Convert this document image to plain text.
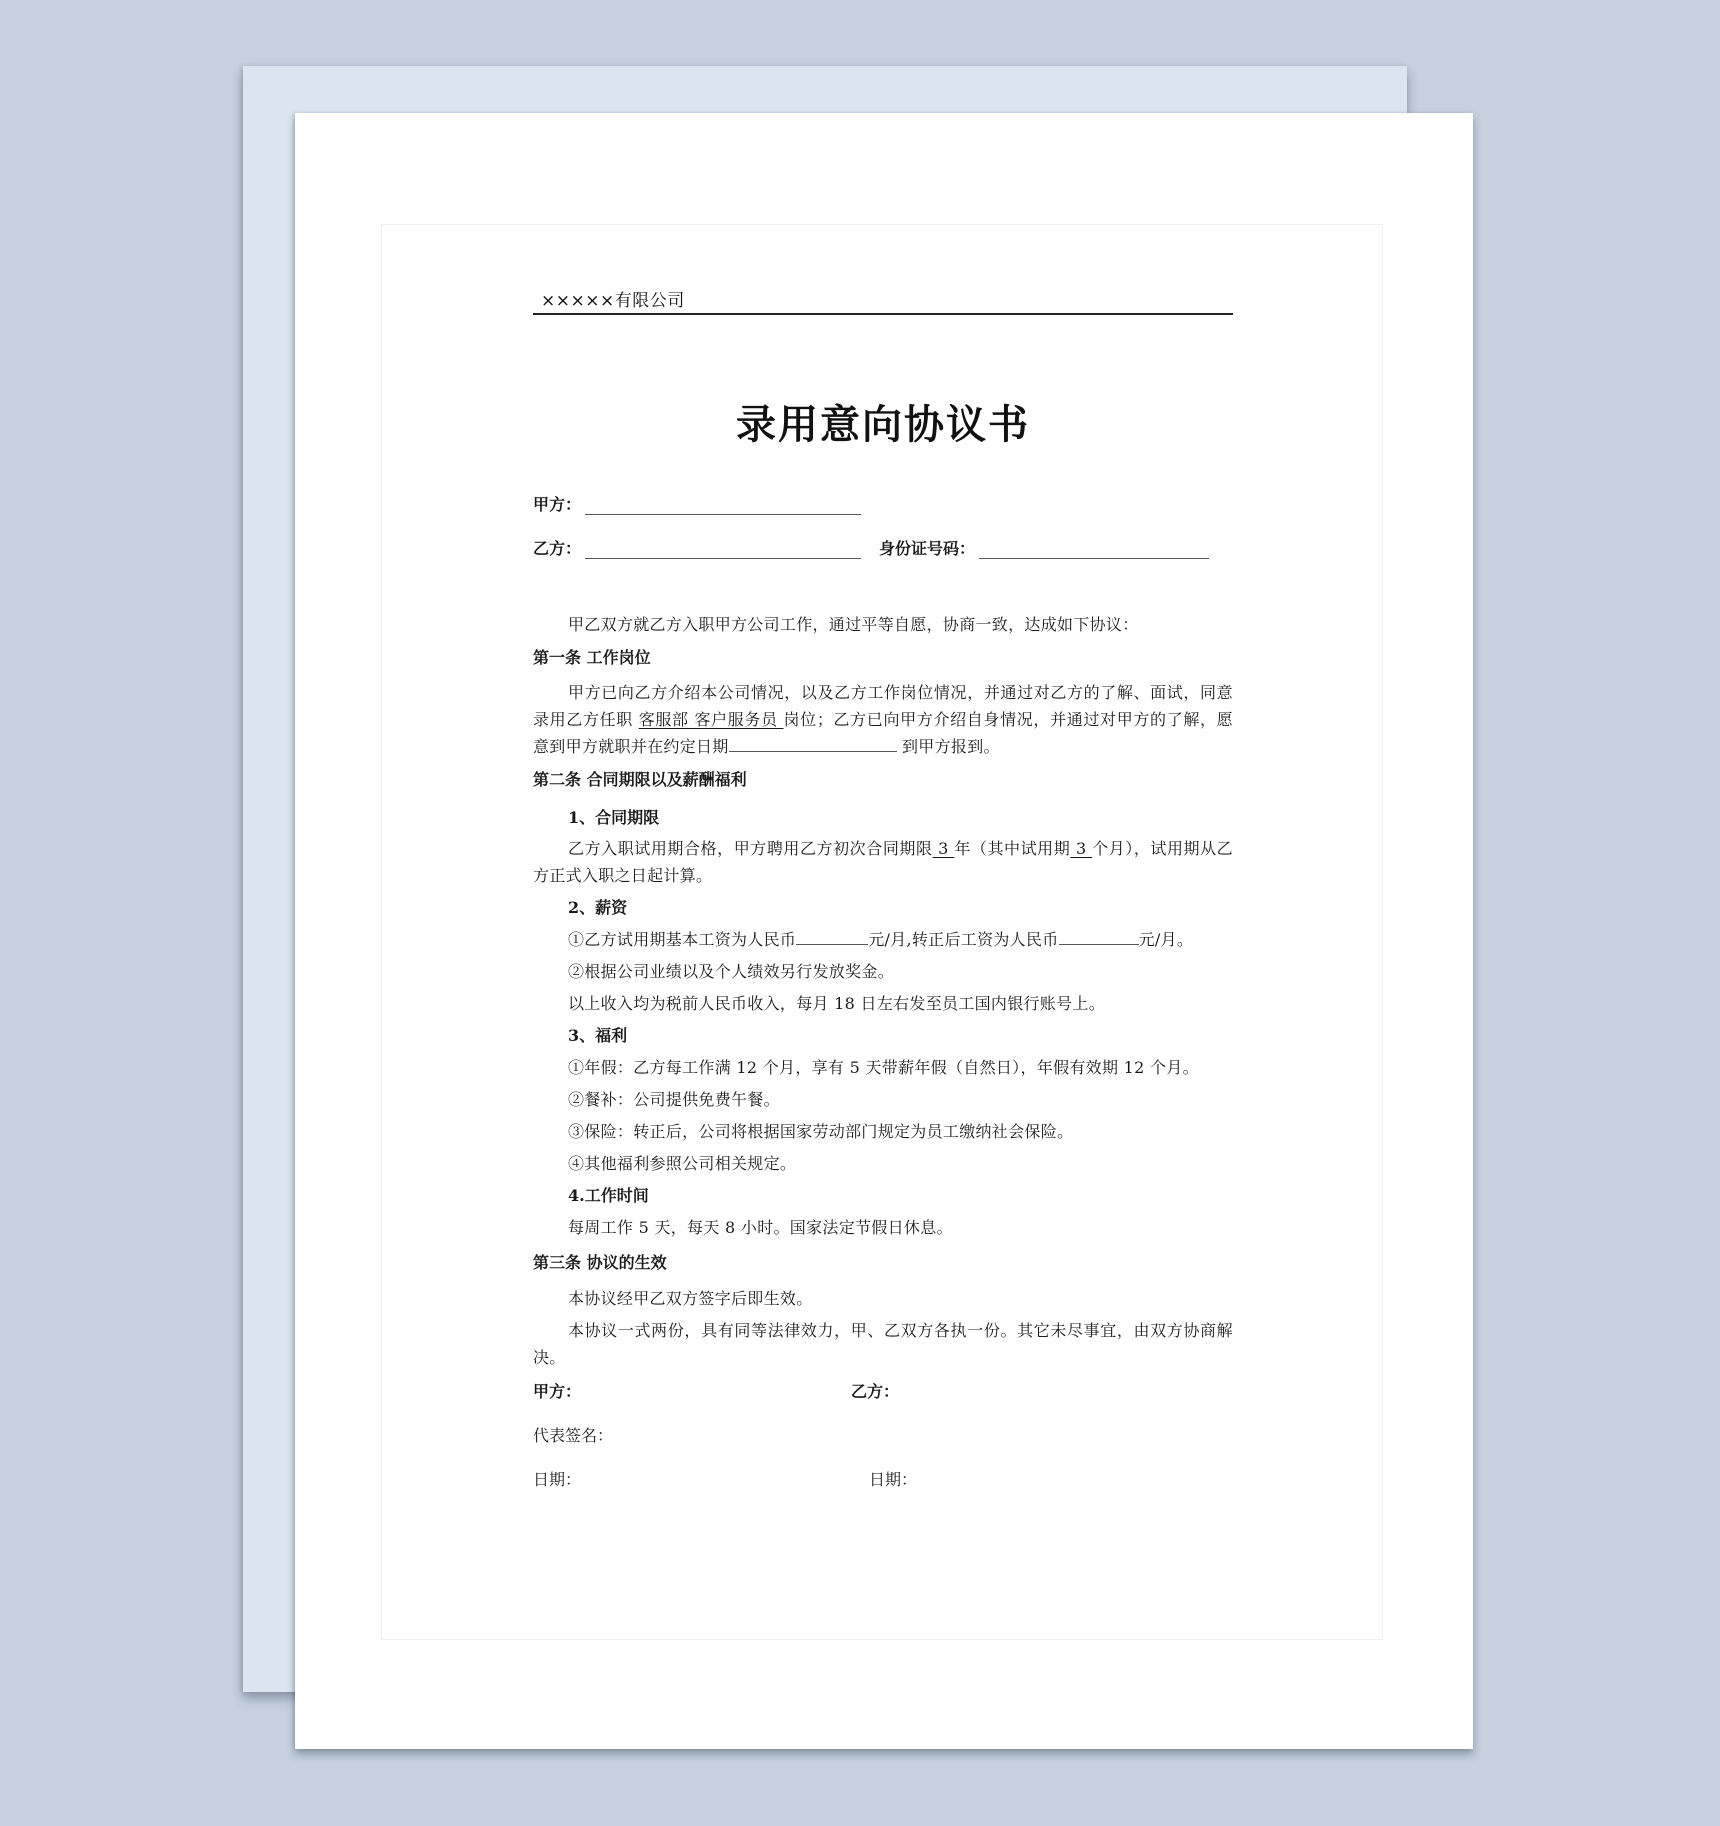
×××××有限公司
录用意向协议书
甲方：
乙方：	身份证号码：

甲乙双方就乙方入职甲方公司工作，通过平等自愿，协商一致，达成如下协议：

第一条 工作岗位

甲方已向乙方介绍本公司情况，以及乙方工作岗位情况，并通过对乙方的了解、面试，同意录用乙方任职 客服部 客户服务员 岗位；乙方已向甲方介绍自身情况，并通过对甲方的了解，愿意到甲方就职并在约定日期	到甲方报到。

第二条 合同期限以及薪酬福利

1、合同期限

乙方入职试用期合格，甲方聘用乙方初次合同期限 3 年（其中试用期 3 个月），试用期从乙方正式入职之日起计算。

2、薪资

①乙方试用期基本工资为人民币	元/月,转正后工资为人民币	元/月。

②根据公司业绩以及个人绩效另行发放奖金。

以上收入均为税前人民币收入，每月 18 日左右发至员工国内银行账号上。

3、福利

①年假：乙方每工作满 12 个月，享有 5 天带薪年假（自然日），年假有效期 12 个月。

②餐补：公司提供免费午餐。

③保险：转正后，公司将根据国家劳动部门规定为员工缴纳社会保险。

④其他福利参照公司相关规定。

4.工作时间

每周工作 5 天，每天 8 小时。国家法定节假日休息。

第三条 协议的生效

本协议经甲乙双方签字后即生效。

本协议一式两份，具有同等法律效力，甲、乙双方各执一份。其它未尽事宜，由双方协商解决。

甲方：	乙方：
代表签名：
日期：	日期：
